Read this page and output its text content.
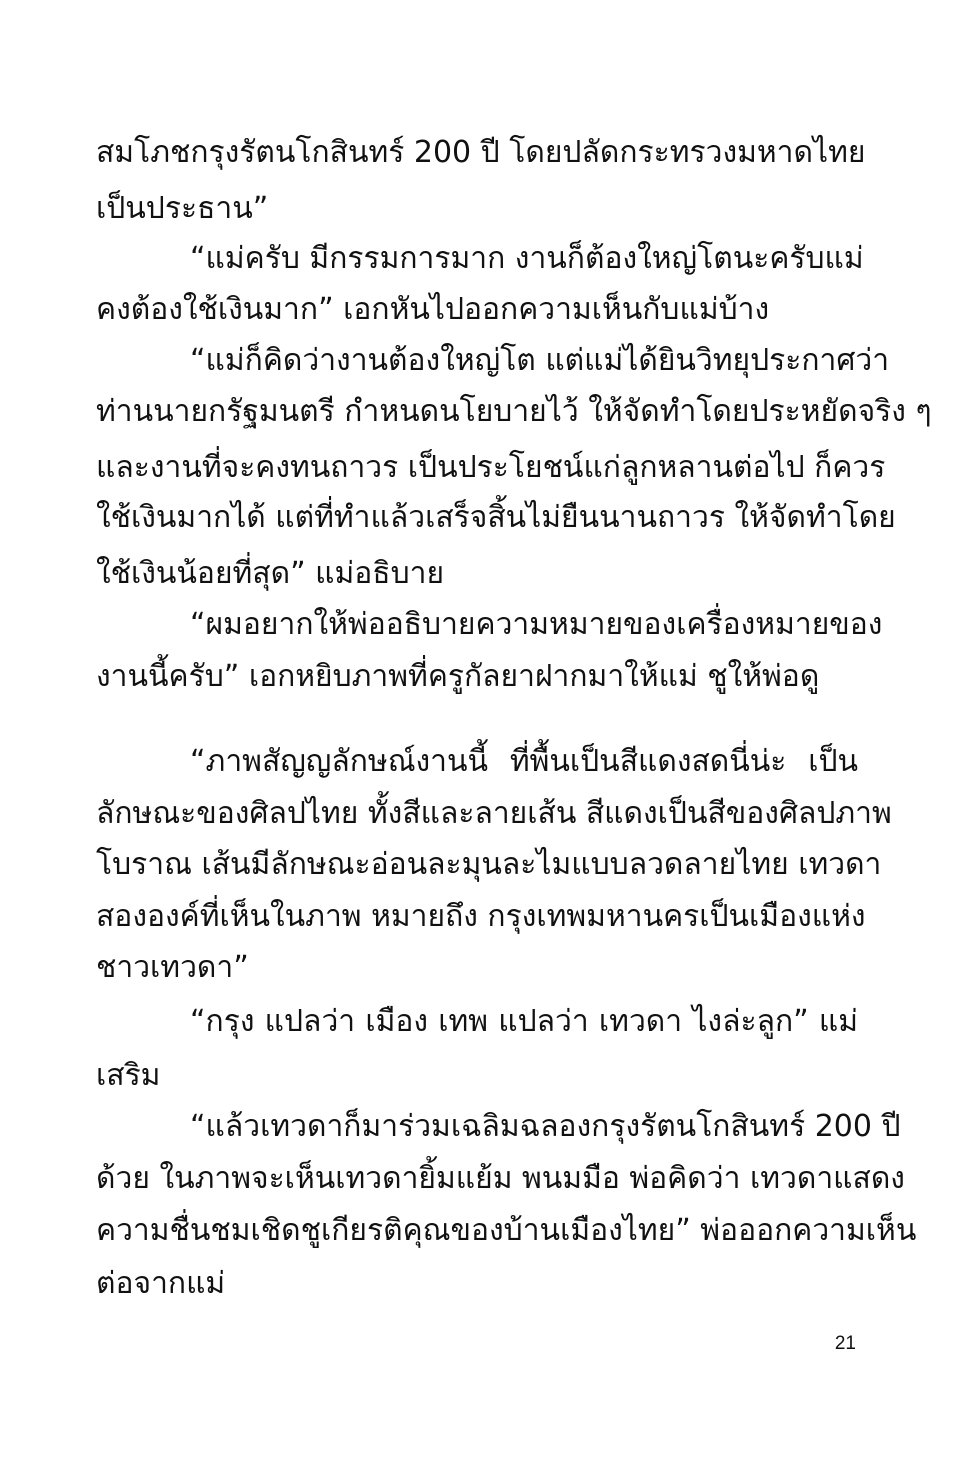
สมโภชกรุงรัตนโกสินทร์ 200 ปี โดยปลัดกระทรวงมหาดไทย
เป็นประธาน”
“แม่ครับ มีกรรมการมาก งานก็ต้องใหญ่โตนะครับแม่
คงต้องใช้เงินมาก” เอกหันไปออกความเห็นกับแม่บ้าง
“แม่ก็คิดว่างานต้องใหญ่โต แต่แม่ได้ยินวิทยุประกาศว่า
ท่านนายกรัฐมนตรี กำหนดนโยบายไว้ ให้จัดทำโดยประหยัดจริง ๆ
และงานที่จะคงทนถาวร เป็นประโยชน์แก่ลูกหลานต่อไป ก็ควร
ใช้เงินมากได้ แต่ที่ทำแล้วเสร็จสิ้นไม่ยืนนานถาวร ให้จัดทำโดย
ใช้เงินน้อยที่สุด” แม่อธิบาย
“ผมอยากให้พ่ออธิบายความหมายของเครื่องหมายของ
งานนี้ครับ” เอกหยิบภาพที่ครูกัลยาฝากมาให้แม่ ชูให้พ่อดู
“ภาพสัญญลักษณ์งานนี้ ที่พื้นเป็นสีแดงสดนี่น่ะ เป็น
ลักษณะของศิลปไทย ทั้งสีและลายเส้น สีแดงเป็นสีของศิลปภาพ
โบราณ เส้นมีลักษณะอ่อนละมุนละไมแบบลวดลายไทย เทวดา
สององค์ที่เห็นในภาพ หมายถึง กรุงเทพมหานครเป็นเมืองแห่ง
ชาวเทวดา”
“กรุง แปลว่า เมือง เทพ แปลว่า เทวดา ไงล่ะลูก” แม่
เสริม
“แล้วเทวดาก็มาร่วมเฉลิมฉลองกรุงรัตนโกสินทร์ 200 ปี
ด้วย ในภาพจะเห็นเทวดายิ้มแย้ม พนมมือ พ่อคิดว่า เทวดาแสดง
ความชื่นชมเชิดชูเกียรติคุณของบ้านเมืองไทย” พ่อออกความเห็น
ต่อจากแม่
21
